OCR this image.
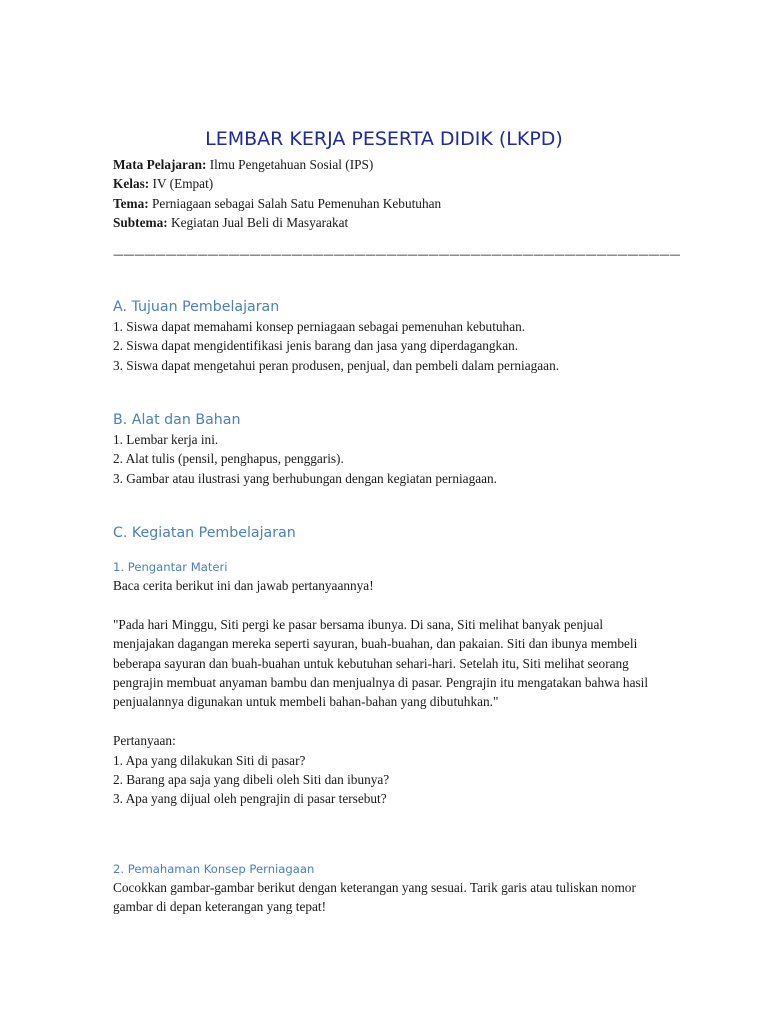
LEMBAR KERJA PESERTA DIDIK (LKPD)
Mata Pelajaran: Ilmu Pengetahuan Sosial (IPS)
Kelas: IV (Empat)
Tema: Perniagaan sebagai Salah Satu Pemenuhan Kebutuhan
Subtema: Kegiatan Jual Beli di Masyarakat
——————————————————————————————————————————————————————
A. Tujuan Pembelajaran
1. Siswa dapat memahami konsep perniagaan sebagai pemenuhan kebutuhan.
2. Siswa dapat mengidentifikasi jenis barang dan jasa yang diperdagangkan.
3. Siswa dapat mengetahui peran produsen, penjual, dan pembeli dalam perniagaan.
B. Alat dan Bahan
1. Lembar kerja ini.
2. Alat tulis (pensil, penghapus, penggaris).
3. Gambar atau ilustrasi yang berhubungan dengan kegiatan perniagaan.
C. Kegiatan Pembelajaran
1. Pengantar Materi

Baca cerita berikut ini dan jawab pertanyaannya!

"Pada hari Minggu, Siti pergi ke pasar bersama ibunya. Di sana, Siti melihat banyak penjual menjajakan dagangan mereka seperti sayuran, buah-buahan, dan pakaian. Siti dan ibunya membeli beberapa sayuran dan buah-buahan untuk kebutuhan sehari-hari. Setelah itu, Siti melihat seorang pengrajin membuat anyaman bambu dan menjualnya di pasar. Pengrajin itu mengatakan bahwa hasil penjualannya digunakan untuk membeli bahan-bahan yang dibutuhkan."

Pertanyaan:

1. Apa yang dilakukan Siti di pasar?
2. Barang apa saja yang dibeli oleh Siti dan ibunya?
3. Apa yang dijual oleh pengrajin di pasar tersebut?
2. Pemahaman Konsep Perniagaan

Cocokkan gambar-gambar berikut dengan keterangan yang sesuai. Tarik garis atau tuliskan nomor gambar di depan keterangan yang tepat!
